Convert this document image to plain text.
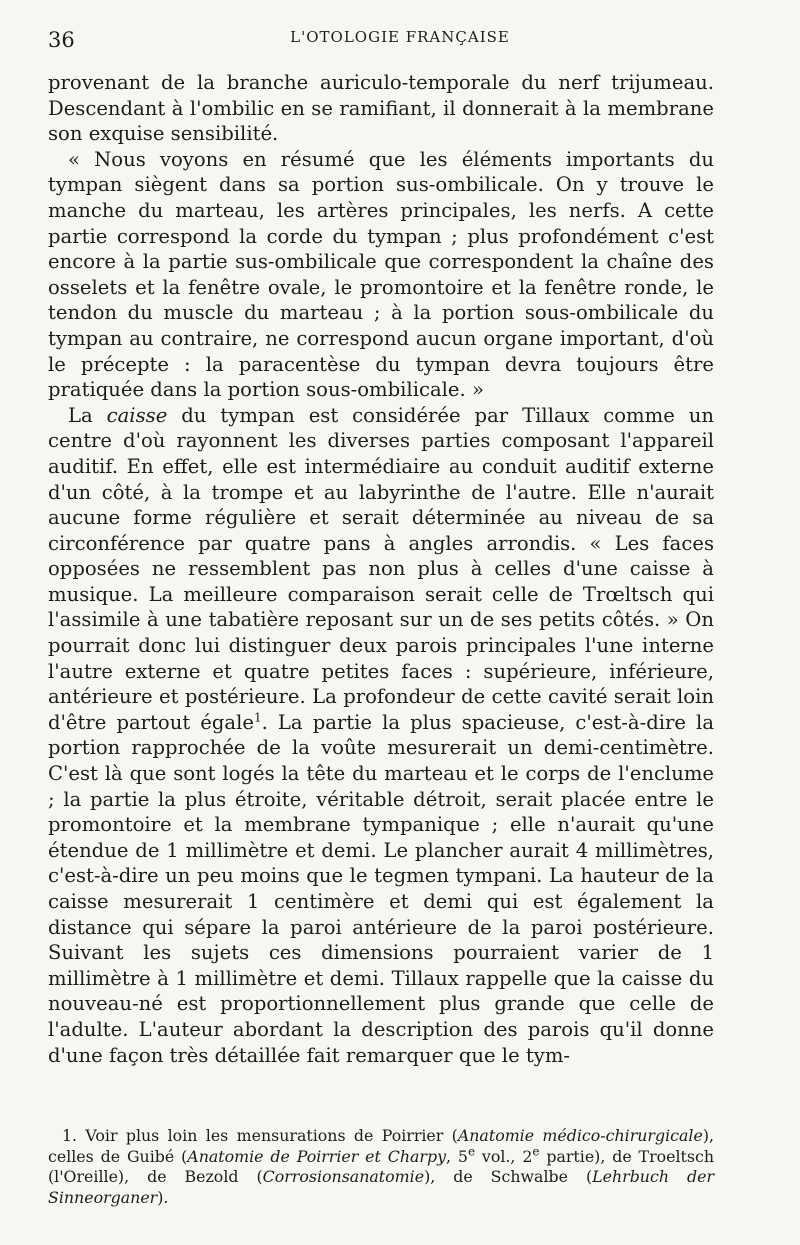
36	L'OTOLOGIE FRANÇAISE

provenant de la branche auriculo-temporale du nerf trijumeau. Descendant à l'ombilic en se ramifiant, il donnerait à la membrane son exquise sensibilité.

« Nous voyons en résumé que les éléments importants du tympan siègent dans sa portion sus-ombilicale. On y trouve le manche du marteau, les artères principales, les nerfs. A cette partie correspond la corde du tympan ; plus profondément c'est encore à la partie sus-ombilicale que correspondent la chaîne des osselets et la fenêtre ovale, le promontoire et la fenêtre ronde, le tendon du muscle du marteau ; à la portion sous-ombilicale du tympan au contraire, ne correspond aucun organe important, d'où le précepte : la paracentèse du tympan devra toujours être pratiquée dans la portion sous-ombilicale. »

La caisse du tympan est considérée par Tillaux comme un centre d'où rayonnent les diverses parties composant l'appareil auditif. En effet, elle est intermédiaire au conduit auditif externe d'un côté, à la trompe et au labyrinthe de l'autre. Elle n'aurait aucune forme régulière et serait déterminée au niveau de sa circonférence par quatre pans à angles arrondis. « Les faces opposées ne ressemblent pas non plus à celles d'une caisse à musique. La meilleure comparaison serait celle de Trœltsch qui l'assimile à une tabatière reposant sur un de ses petits côtés. » On pourrait donc lui distinguer deux parois principales l'une interne l'autre externe et quatre petites faces : supérieure, inférieure, antérieure et postérieure. La profondeur de cette cavité serait loin d'être partout égale$^1$. La partie la plus spacieuse, c'est-à-dire la portion rapprochée de la voûte mesurerait un demi-centimètre. C'est là que sont logés la tête du marteau et le corps de l'enclume ; la partie la plus étroite, véritable détroit, serait placée entre le promontoire et la membrane tympanique ; elle n'aurait qu'une étendue de 1 millimètre et demi. Le plancher aurait 4 millimètres, c'est-à-dire un peu moins que le tegmen tympani. La hauteur de la caisse mesurerait 1 centimère et demi qui est également la distance qui sépare la paroi antérieure de la paroi postérieure. Suivant les sujets ces dimensions pourraient varier de 1 millimètre à 1 millimètre et demi. Tillaux rappelle que la caisse du nouveau-né est proportionnellement plus grande que celle de l'adulte. L'auteur abordant la description des parois qu'il donne d'une façon très détaillée fait remarquer que le tym-

1. Voir plus loin les mensurations de Poirrier (Anatomie médico-chirurgicale), celles de Guibé (Anatomie de Poirrier et Charpy, 5e vol., 2e partie), de Troeltsch (l'Oreille), de Bezold (Corrosionsanatomie), de Schwalbe (Lehrbuch der Sinneorganer).
